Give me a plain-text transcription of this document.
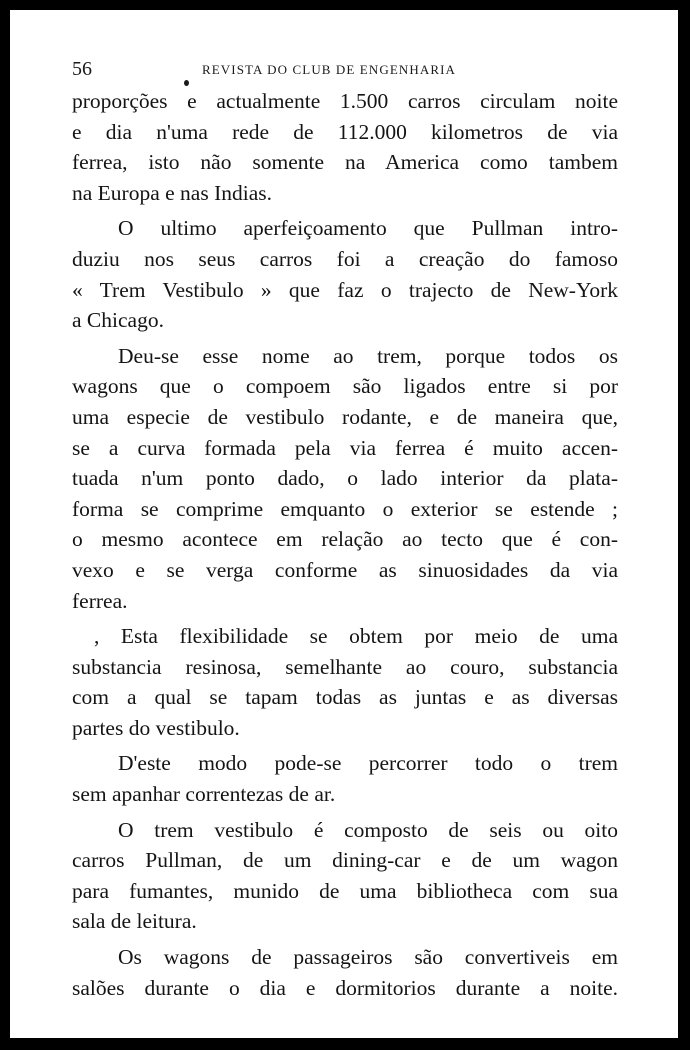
56	REVISTA DO CLUB DE ENGENHARIA
proporções e actualmente 1.500 carros circulam noite
e dia n'uma rede de 112.000 kilometros de via
ferrea, isto não somente na America como tambem
na Europa e nas Indias.
O ultimo aperfeiçoamento que Pullman intro-
duziu nos seus carros foi a creação do famoso
« Trem Vestibulo » que faz o trajecto de New-York
a Chicago.
Deu-se esse nome ao trem, porque todos os
wagons que o compoem são ligados entre si por
uma especie de vestibulo rodante, e de maneira que,
se a curva formada pela via ferrea é muito accen-
tuada n'um ponto dado, o lado interior da plata-
forma se comprime emquanto o exterior se estende ;
o mesmo acontece em relação ao tecto que é con-
vexo e se verga conforme as sinuosidades da via
ferrea.
, Esta flexibilidade se obtem por meio de uma
substancia resinosa, semelhante ao couro, substancia
com a qual se tapam todas as juntas e as diversas
partes do vestibulo.
D'este modo pode-se percorrer todo o trem
sem apanhar correntezas de ar.
O trem vestibulo é composto de seis ou oito
carros Pullman, de um dining-car e de um wagon
para fumantes, munido de uma bibliotheca com sua
sala de leitura.
Os wagons de passageiros são convertiveis em
salões durante o dia e dormitorios durante a noite.
